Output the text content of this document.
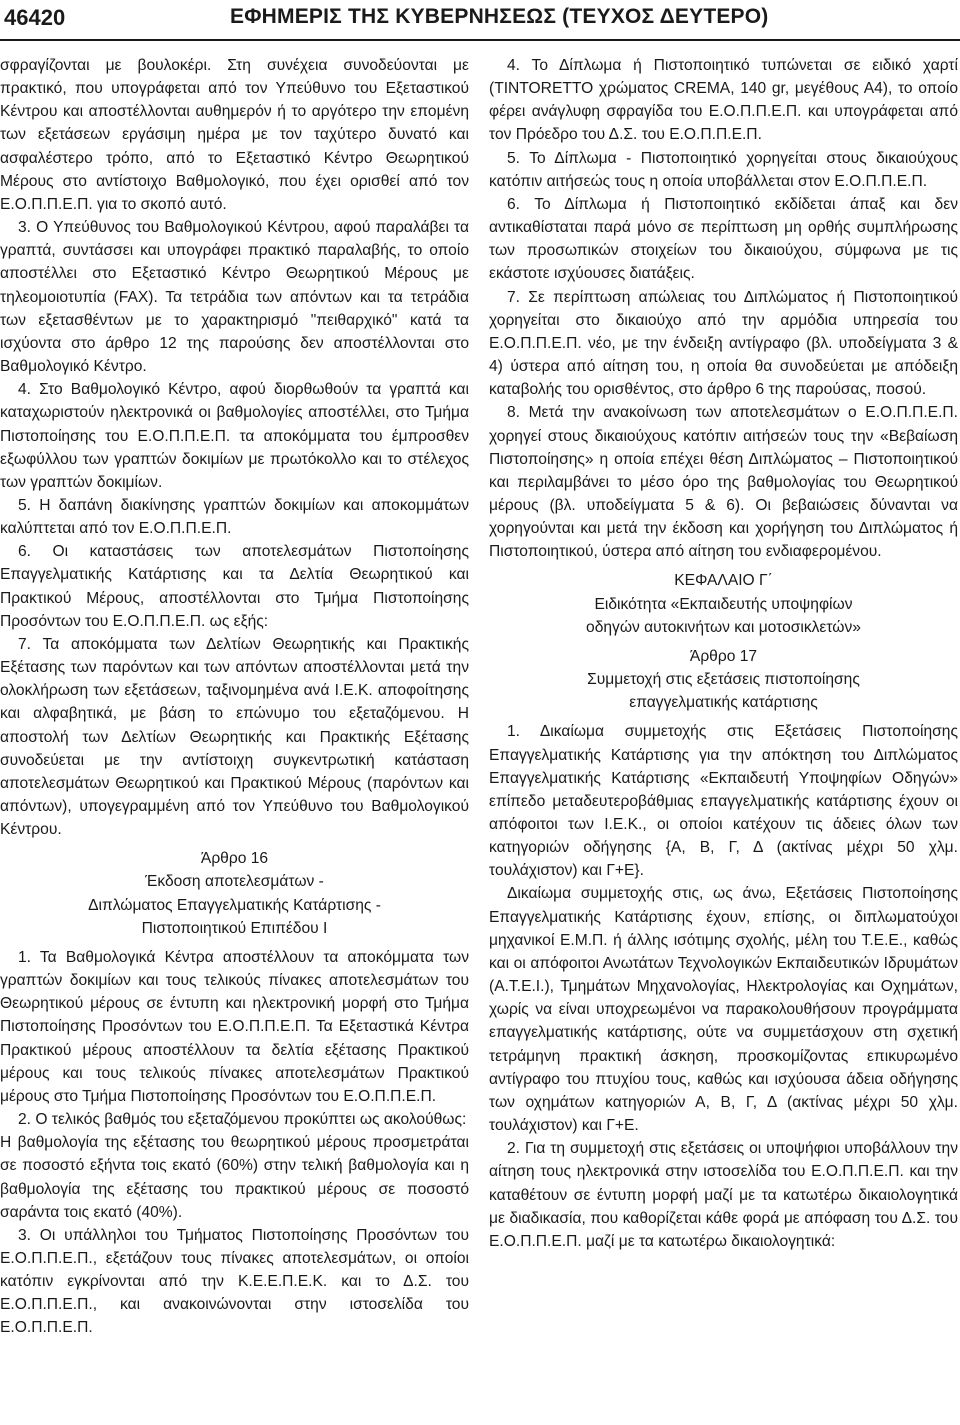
46420	ΕΦΗΜΕΡΙΣ ΤΗΣ ΚΥΒΕΡΝΗΣΕΩΣ (ΤΕΥΧΟΣ ΔΕΥΤΕΡΟ)

σφραγίζονται με βουλοκέρι. Στη συνέχεια συνοδεύονται με πρακτικό, που υπογράφεται από τον Υπεύθυνο του Εξεταστικού Κέντρου και αποστέλλονται αυθημερόν ή το αργότερο την επομένη των εξετάσεων εργάσιμη ημέρα με τον ταχύτερο δυνατό και ασφαλέστερο τρόπο, από το Εξεταστικό Κέντρο Θεωρητικού Μέρους στο αντίστοιχο Βαθμολογικό, που έχει ορισθεί από τον Ε.Ο.Π.Π.Ε.Π. για το σκοπό αυτό.

3. Ο Υπεύθυνος του Βαθμολογικού Κέντρου, αφού παραλάβει τα γραπτά, συντάσσει και υπογράφει πρακτικό παραλαβής, το οποίο αποστέλλει στο Εξεταστικό Κέντρο Θεωρητικού Μέρους με τηλεομοιοτυπία (FAX). Τα τετράδια των απόντων και τα τετράδια των εξετασθέντων με το χαρακτηρισμό "πειθαρχικό" κατά τα ισχύοντα στο άρθρο 12 της παρούσης δεν αποστέλλονται στο Βαθμολογικό Κέντρο.

4. Στο Βαθμολογικό Κέντρο, αφού διορθωθούν τα γραπτά και καταχωριστούν ηλεκτρονικά οι βαθμολογίες αποστέλλει, στο Τμήμα Πιστοποίησης του Ε.Ο.Π.Π.Ε.Π. τα αποκόμματα του έμπροσθεν εξωφύλλου των γραπτών δοκιμίων με πρωτόκολλο και το στέλεχος των γραπτών δοκιμίων.

5. Η δαπάνη διακίνησης γραπτών δοκιμίων και αποκομμάτων καλύπτεται από τον Ε.Ο.Π.Π.Ε.Π.

6. Οι καταστάσεις των αποτελεσμάτων Πιστοποίησης Επαγγελματικής Κατάρτισης και τα Δελτία Θεωρητικού και Πρακτικού Μέρους, αποστέλλονται στο Τμήμα Πιστοποίησης Προσόντων του Ε.Ο.Π.Π.Ε.Π. ως εξής:

7. Τα αποκόμματα των Δελτίων Θεωρητικής και Πρακτικής Εξέτασης των παρόντων και των απόντων αποστέλλονται μετά την ολοκλήρωση των εξετάσεων, ταξινομημένα ανά Ι.Ε.Κ. αποφοίτησης και αλφαβητικά, με βάση το επώνυμο του εξεταζόμενου. Η αποστολή των Δελτίων Θεωρητικής και Πρακτικής Εξέτασης συνοδεύεται με την αντίστοιχη συγκεντρωτική κατάσταση αποτελεσμάτων Θεωρητικού και Πρακτικού Μέρους (παρόντων και απόντων), υπογεγραμμένη από τον Υπεύθυνο του Βαθμολογικού Κέντρου.

Άρθρο 16

Έκδοση αποτελεσμάτων -

Διπλώματος Επαγγελματικής Κατάρτισης -

Πιστοποιητικού Επιπέδου Ι

1. Τα Βαθμολογικά Κέντρα αποστέλλουν τα αποκόμματα των γραπτών δοκιμίων και τους τελικούς πίνακες αποτελεσμάτων του Θεωρητικού μέρους σε έντυπη και ηλεκτρονική μορφή στο Τμήμα Πιστοποίησης Προσόντων του Ε.Ο.Π.Π.Ε.Π. Τα Εξεταστικά Κέντρα Πρακτικού μέρους αποστέλλουν τα δελτία εξέτασης Πρακτικού μέρους και τους τελικούς πίνακες αποτελεσμάτων Πρακτικού μέρους στο Τμήμα Πιστοποίησης Προσόντων του Ε.Ο.Π.Π.Ε.Π.

2. Ο τελικός βαθμός του εξεταζόμενου προκύπτει ως ακολούθως:

Η βαθμολογία της εξέτασης του θεωρητικού μέρους προσμετράται σε ποσοστό εξήντα τοις εκατό (60%) στην τελική βαθμολογία και η βαθμολογία της εξέτασης του πρακτικού μέρους σε ποσοστό σαράντα τοις εκατό (40%).

3. Οι υπάλληλοι του Τμήματος Πιστοποίησης Προσόντων του Ε.Ο.Π.Π.Ε.Π., εξετάζουν τους πίνακες αποτελεσμάτων, οι οποίοι κατόπιν εγκρίνονται από την Κ.Ε.Ε.Π.Ε.Κ. και το Δ.Σ. του Ε.Ο.Π.Π.Ε.Π., και ανακοινώνονται στην ιστοσελίδα του Ε.Ο.Π.Π.Ε.Π.

4. Το Δίπλωμα ή Πιστοποιητικό τυπώνεται σε ειδικό χαρτί (TINTORETTO χρώματος CREMA, 140 gr, μεγέθους Α4), το οποίο φέρει ανάγλυφη σφραγίδα του Ε.Ο.Π.Π.Ε.Π. και υπογράφεται από τον Πρόεδρο του Δ.Σ. του Ε.Ο.Π.Π.Ε.Π.

5. Το Δίπλωμα - Πιστοποιητικό χορηγείται στους δικαιούχους κατόπιν αιτήσεώς τους η οποία υποβάλλεται στον Ε.Ο.Π.Π.Ε.Π.

6. Το Δίπλωμα ή Πιστοποιητικό εκδίδεται άπαξ και δεν αντικαθίσταται παρά μόνο σε περίπτωση μη ορθής συμπλήρωσης των προσωπικών στοιχείων του δικαιούχου, σύμφωνα με τις εκάστοτε ισχύουσες διατάξεις.

7. Σε περίπτωση απώλειας του Διπλώματος ή Πιστοποιητικού χορηγείται στο δικαιούχο από την αρμόδια υπηρεσία του Ε.Ο.Π.Π.Ε.Π. νέο, με την ένδειξη αντίγραφο (βλ. υποδείγματα 3 & 4) ύστερα από αίτηση του, η οποία θα συνοδεύεται με απόδειξη καταβολής του ορισθέντος, στο άρθρο 6 της παρούσας, ποσού.

8. Μετά την ανακοίνωση των αποτελεσμάτων ο Ε.Ο.Π.Π.Ε.Π. χορηγεί στους δικαιούχους κατόπιν αιτήσεών τους την «Βεβαίωση Πιστοποίησης» η οποία επέχει θέση Διπλώματος – Πιστοποιητικού και περιλαμβάνει το μέσο όρο της βαθμολογίας του Θεωρητικού μέρους (βλ. υποδείγματα 5 & 6). Οι βεβαιώσεις δύνανται να χορηγούνται και μετά την έκδοση και χορήγηση του Διπλώματος ή Πιστοποιητικού, ύστερα από αίτηση του ενδιαφερομένου.

ΚΕΦΑΛΑΙΟ Γ΄

Ειδικότητα «Εκπαιδευτής υποψηφίων

οδηγών αυτοκινήτων και μοτοσικλετών»

Άρθρο 17

Συμμετοχή στις εξετάσεις πιστοποίησης

επαγγελματικής κατάρτισης

1. Δικαίωμα συμμετοχής στις Εξετάσεις Πιστοποίησης Επαγγελματικής Κατάρτισης για την απόκτηση του Διπλώματος Επαγγελματικής Κατάρτισης «Εκπαιδευτή Υποψηφίων Οδηγών» επίπεδο μεταδευτεροβάθμιας επαγγελματικής κατάρτισης έχουν οι απόφοιτοι των Ι.Ε.Κ., οι οποίοι κατέχουν τις άδειες όλων των κατηγοριών οδήγησης {Α, Β, Γ, Δ (ακτίνας μέχρι 50 χλμ. τουλάχιστον) και Γ+Ε}.

Δικαίωμα συμμετοχής στις, ως άνω, Εξετάσεις Πιστοποίησης Επαγγελματικής Κατάρτισης έχουν, επίσης, οι διπλωματούχοι μηχανικοί Ε.Μ.Π. ή άλλης ισότιμης σχολής, μέλη του Τ.Ε.Ε., καθώς και οι απόφοιτοι Ανωτάτων Τεχνολογικών Εκπαιδευτικών Ιδρυμάτων (Α.Τ.Ε.Ι.), Τμημάτων Μηχανολογίας, Ηλεκτρολογίας και Οχημάτων, χωρίς να είναι υποχρεωμένοι να παρακολουθήσουν προγράμματα επαγγελματικής κατάρτισης, ούτε να συμμετάσχουν στη σχετική τετράμηνη πρακτική άσκηση, προσκομίζοντας επικυρωμένο αντίγραφο του πτυχίου τους, καθώς και ισχύουσα άδεια οδήγησης των οχημάτων κατηγοριών Α, Β, Γ, Δ (ακτίνας μέχρι 50 χλμ. τουλάχιστον) και Γ+Ε.

2. Για τη συμμετοχή στις εξετάσεις οι υποψήφιοι υποβάλλουν την αίτηση τους ηλεκτρονικά στην ιστοσελίδα του Ε.Ο.Π.Π.Ε.Π. και την καταθέτουν σε έντυπη μορφή μαζί με τα κατωτέρω δικαιολογητικά με διαδικασία, που καθορίζεται κάθε φορά με απόφαση του Δ.Σ. του Ε.Ο.Π.Π.Ε.Π. μαζί με τα κατωτέρω δικαιολογητικά:
